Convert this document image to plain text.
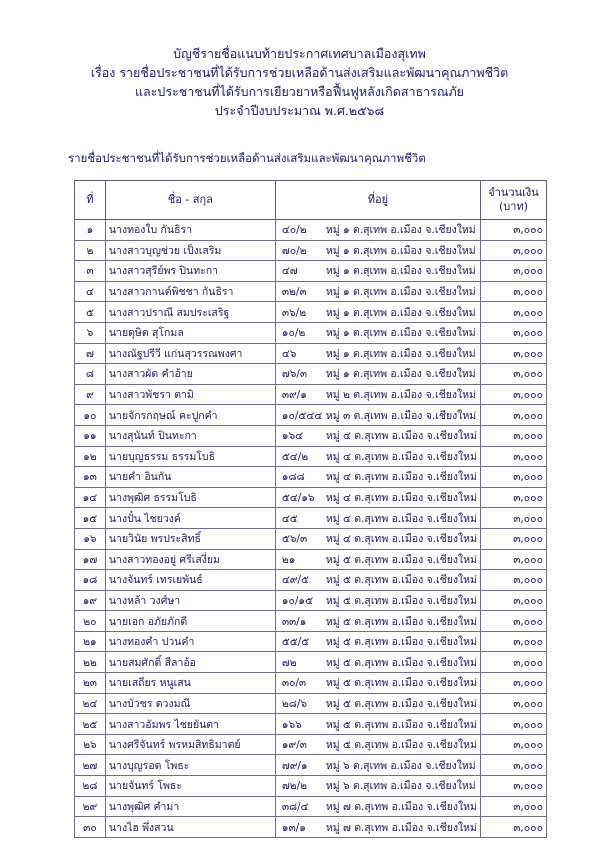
บัญชีรายชื่อแนบท้ายประกาศเทศบาลเมืองสุเทพ
เรื่อง รายชื่อประชาชนที่ได้รับการช่วยเหลือด้านส่งเสริมและพัฒนาคุณภาพชีวิต
และประชาชนที่ได้รับการเยียวยาหรือฟื้นฟูหลังเกิดสาธารณภัย
ประจำปีงบประมาณ พ.ศ.๒๕๖๘
รายชื่อประชาชนที่ได้รับการช่วยเหลือด้านส่งเสริมและพัฒนาคุณภาพชีวิต
ที่	ชื่อ - สกุล	ที่อยู่	จำนวนเงิน
(บาท)

๑	นางทองใบ กันธิรา	๔๐/๒ หมู่ ๑ ต.สุเทพ อ.เมือง จ.เชียงใหม่	๓,๐๐๐
๒	นางสาวบุญช่วย เป็งเสริม	๗๐/๒ หมู่ ๑ ต.สุเทพ อ.เมือง จ.เชียงใหม่	๓,๐๐๐
๓	นางสาวสุรีย์พร ปินทะกา	๔๗ หมู่ ๑ ต.สุเทพ อ.เมือง จ.เชียงใหม่	๓,๐๐๐
๔	นางสาวกานต์พิชชา กันธิรา	๓๒/๓ หมู่ ๑ ต.สุเทพ อ.เมือง จ.เชียงใหม่	๓,๐๐๐
๕	นางสาวปราณี สมประเสริฐ	๓๖/๒ หมู่ ๑ ต.สุเทพ อ.เมือง จ.เชียงใหม่	๓,๐๐๐
๖	นายดุษิต สุโกมล	๑๐/๒ หมู่ ๑ ต.สุเทพ อ.เมือง จ.เชียงใหม่	๓,๐๐๐
๗	นางณัฐปรีวี แก่นสุวรรณพงศา	๔๖ หมู่ ๑ ต.สุเทพ อ.เมือง จ.เชียงใหม่	๓,๐๐๐
๘	นางสาวผัด คำอ้าย	๗๖/๓ หมู่ ๑ ต.สุเทพ อ.เมือง จ.เชียงใหม่	๓,๐๐๐
๙	นางสาวพัชรา ตามิ	๓๙/๑ หมู่ ๒ ต.สุเทพ อ.เมือง จ.เชียงใหม่	๓,๐๐๐
๑๐	นายจักรกฤษณ์ คะปูกคำ	๑๐/๕๔๔ หมู่ ๓ ต.สุเทพ อ.เมือง จ.เชียงใหม่	๓,๐๐๐
๑๑	นางสุนันท์ ปินทะกา	๑๖๔ หมู่ ๔ ต.สุเทพ อ.เมือง จ.เชียงใหม่	๓,๐๐๐
๑๒	นายบุญธรรม ธรรมโบธิ	๕๔/๒ หมู่ ๔ ต.สุเทพ อ.เมือง จ.เชียงใหม่	๓,๐๐๐
๑๓	นายคำ อินกัน	๑๘๘ หมู่ ๔ ต.สุเทพ อ.เมือง จ.เชียงใหม่	๓,๐๐๐
๑๔	นางพุฒิศ ธรรมโบธิ	๕๔/๑๖ หมู่ ๔ ต.สุเทพ อ.เมือง จ.เชียงใหม่	๓,๐๐๐
๑๕	นางปั๋น ไชยวงค์	๔๕ หมู่ ๔ ต.สุเทพ อ.เมือง จ.เชียงใหม่	๓,๐๐๐
๑๖	นายวินัย พรประสิทธิ์	๕๖/๓ หมู่ ๔ ต.สุเทพ อ.เมือง จ.เชียงใหม่	๓,๐๐๐
๑๗	นางสาวทองอยู่ ศรีเสงี่ยม	๒๑ หมู่ ๕ ต.สุเทพ อ.เมือง จ.เชียงใหม่	๓,๐๐๐
๑๘	นางจันทร์ เทรเยพันธ์	๔๙/๕ หมู่ ๕ ต.สุเทพ อ.เมือง จ.เชียงใหม่	๓,๐๐๐
๑๙	นางหล้า วงศ์ษา	๑๐/๑๕ หมู่ ๕ ต.สุเทพ อ.เมือง จ.เชียงใหม่	๓,๐๐๐
๒๐	นายเอก อภัยภักดี	๓๓/๑ หมู่ ๕ ต.สุเทพ อ.เมือง จ.เชียงใหม่	๓,๐๐๐
๒๑	นางทองคำ ปวนคำ	๕๕/๕ หมู่ ๕ ต.สุเทพ อ.เมือง จ.เชียงใหม่	๓,๐๐๐
๒๒	นายสมศักดิ์ สีลาอ้อ	๗๒ หมู่ ๕ ต.สุเทพ อ.เมือง จ.เชียงใหม่	๓,๐๐๐
๒๓	นายเสถียร หนูเสน	๓๐/๓ หมู่ ๕ ต.สุเทพ อ.เมือง จ.เชียงใหม่	๓,๐๐๐
๒๔	นางบัวชร ดวงมณี	๒๘/๖ หมู่ ๕ ต.สุเทพ อ.เมือง จ.เชียงใหม่	๓,๐๐๐
๒๕	นางสาวอัมพร ไชยยันตา	๑๖๖ หมู่ ๕ ต.สุเทพ อ.เมือง จ.เชียงใหม่	๓,๐๐๐
๒๖	นางศรีจันทร์ พรหมสิทธิมาตย์	๑๙/๓ หมู่ ๕ ต.สุเทพ อ.เมือง จ.เชียงใหม่	๓,๐๐๐
๒๗	นางบุญรอด โพธะ	๗๙/๑ หมู่ ๖ ต.สุเทพ อ.เมือง จ.เชียงใหม่	๓,๐๐๐
๒๘	นายจันทร์ โพธะ	๗๒/๒ หมู่ ๖ ต.สุเทพ อ.เมือง จ.เชียงใหม่	๓,๐๐๐
๒๙	นางพุฒิศ คำมา	๓๘/๔ หมู่ ๗ ต.สุเทพ อ.เมือง จ.เชียงใหม่	๓,๐๐๐
๓๐	นางไฮ พึ่งสวน	๑๓/๑ หมู่ ๗ ต.สุเทพ อ.เมือง จ.เชียงใหม่	๓,๐๐๐
